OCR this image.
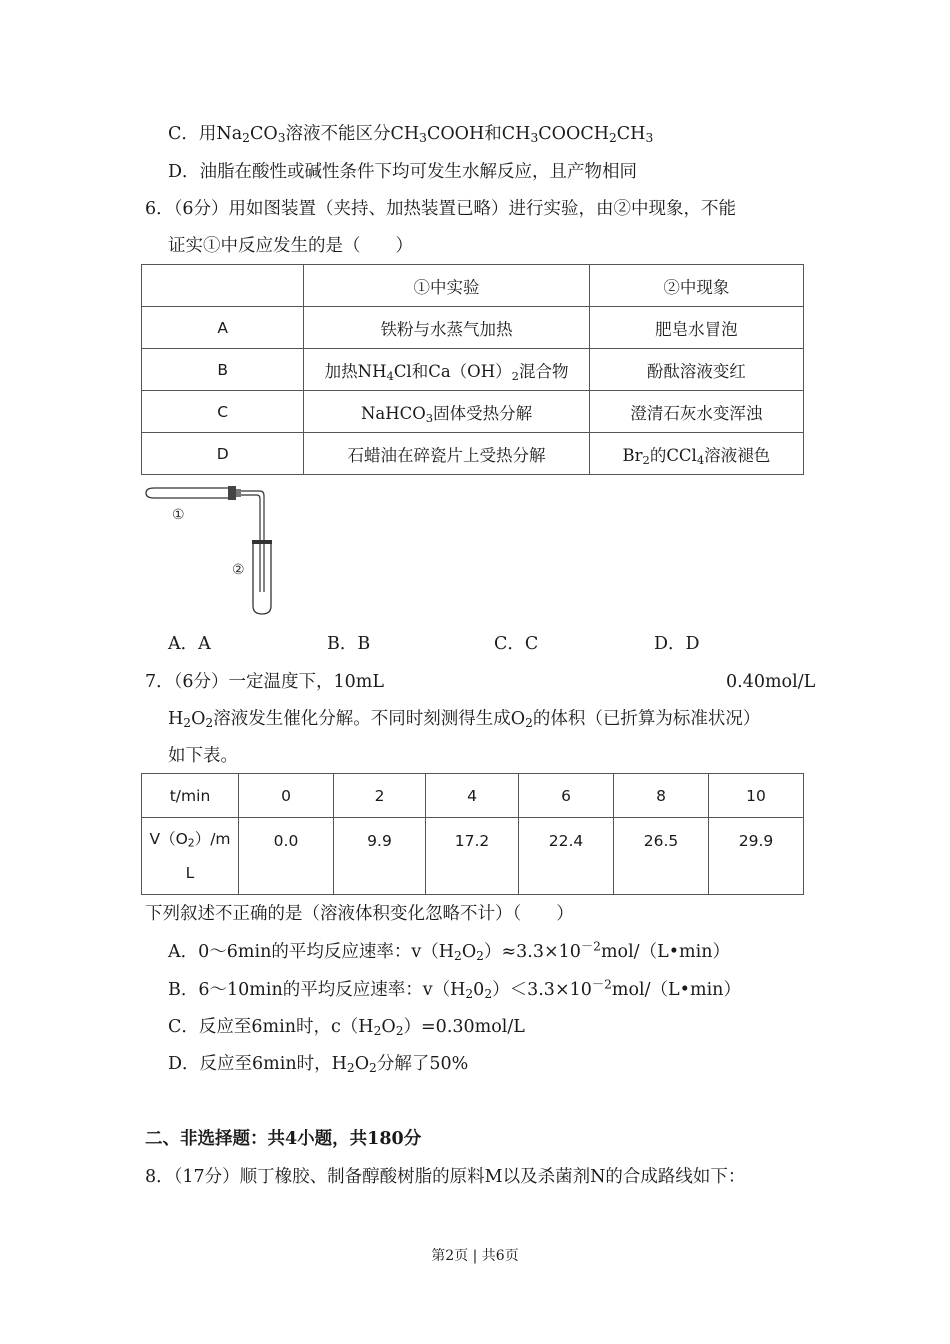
C．用$Na_2CO_3$溶液不能区分$CH_3COOH$和$CH_3COOCH_2CH_3$
D．油脂在酸性或碱性条件下均可发生水解反应，且产物相同
6．（6分）用如图装置（夹持、加热装置已略）进行实验，由②中现象，不能
证实①中反应发生的是（　　）
	①中实验	②中现象
A	铁粉与水蒸气加热	肥皂水冒泡
B	加热$NH_4Cl$和$Ca(OH)_2$混合物	酚酞溶液变红
C	NaHCO$_3$固体受热分解	澄清石灰水变浑浊
D	石蜡油在碎瓷片上受热分解	$Br_2$的CCl$_4$溶液褪色
①
②
A．A	B．B	C．C	D．D
7．（6分）一定温度下，10mL	0.40mol/L
$H_2O_2$溶液发生催化分解。不同时刻测得生成$O_2$的体积（已折算为标准状况）
如下表。
t/min	0	2	4	6	8	10
$V(O_2)/m$
L	0.0	9.9	17.2	22.4	26.5	29.9
下列叙述不正确的是（溶液体积变化忽略不计）（　　）
A．0～6min的平均反应速率：$v(H_2O_2)\approx 3.3\times 10^{-2}mol/(L•\min)$
B．6～10min的平均反应速率：$v(H_20_2)<3.3\times 10^{-2}mol/(L•\min)$
C．反应至6min时，$c(H_2O_2)=0.30mol/L$
D．反应至6min时，$H_2O_2$分解了50%
二、非选择题：共4小题，共180分
8．（17分）顺丁橡胶、制备醇酸树脂的原料M以及杀菌剂N的合成路线如下：
第2页 | 共6页
